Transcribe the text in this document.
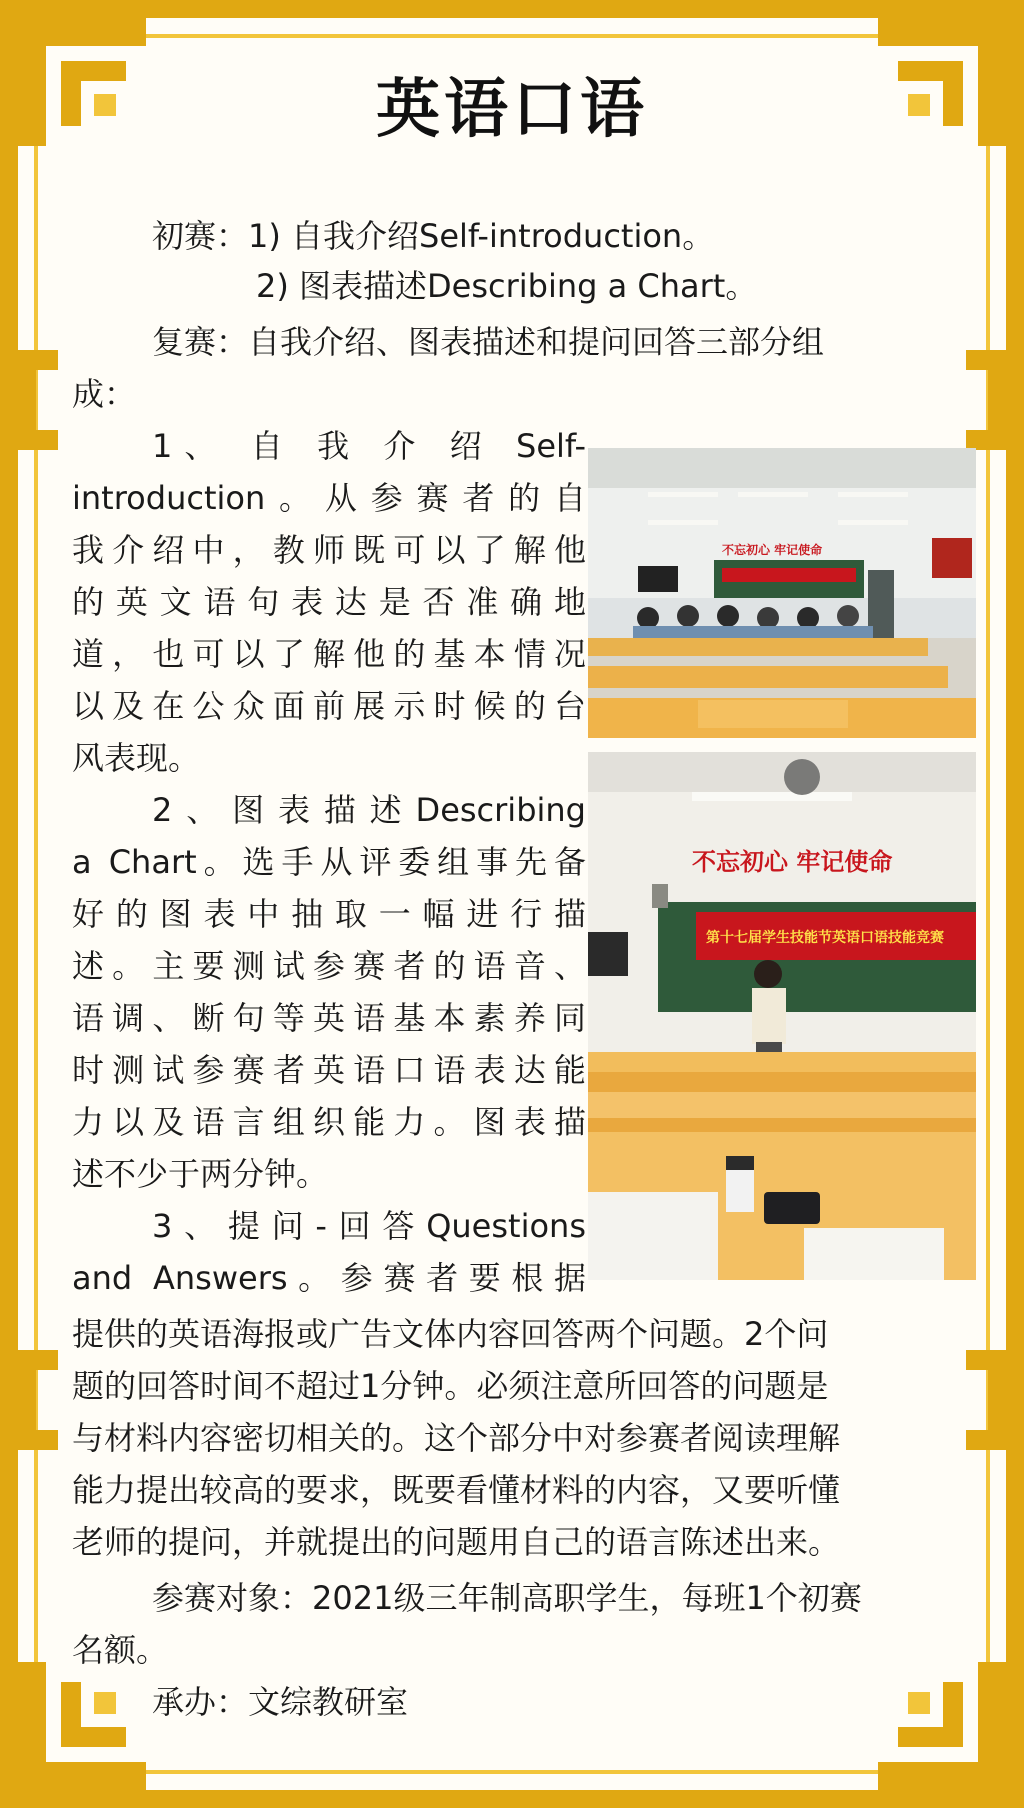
英语口语
初赛：1) 自我介绍Self-introduction。
2) 图表描述Describing a Chart。
复赛：自我介绍、图表描述和提问回答三部分组
成：
1、 自 我 介 绍 Self-
introduction。从参赛者的自
我介绍中，教师既可以了解他
的英文语句表达是否准确地
道，也可以了解他的基本情况
以及在公众面前展示时候的台
风表现。
2、图表描述Describing
a Chart。选手从评委组事先备
好的图表中抽取一幅进行描
述。主要测试参赛者的语音、
语调、断句等英语基本素养同
时测试参赛者英语口语表达能
力以及语言组织能力。图表描
述不少于两分钟。
3、提问-回答Questions
and Answers。参赛者要根据
提供的英语海报或广告文体内容回答两个问题。2个问
题的回答时间不超过1分钟。必须注意所回答的问题是
与材料内容密切相关的。这个部分中对参赛者阅读理解
能力提出较高的要求，既要看懂材料的内容，又要听懂
老师的提问，并就提出的问题用自己的语言陈述出来。
参赛对象：2021级三年制高职学生，每班1个初赛
名额。
承办：文综教研室
不忘初心 牢记使命
不忘初心 牢记使命
第十七届学生技能节英语口语技能竞赛
